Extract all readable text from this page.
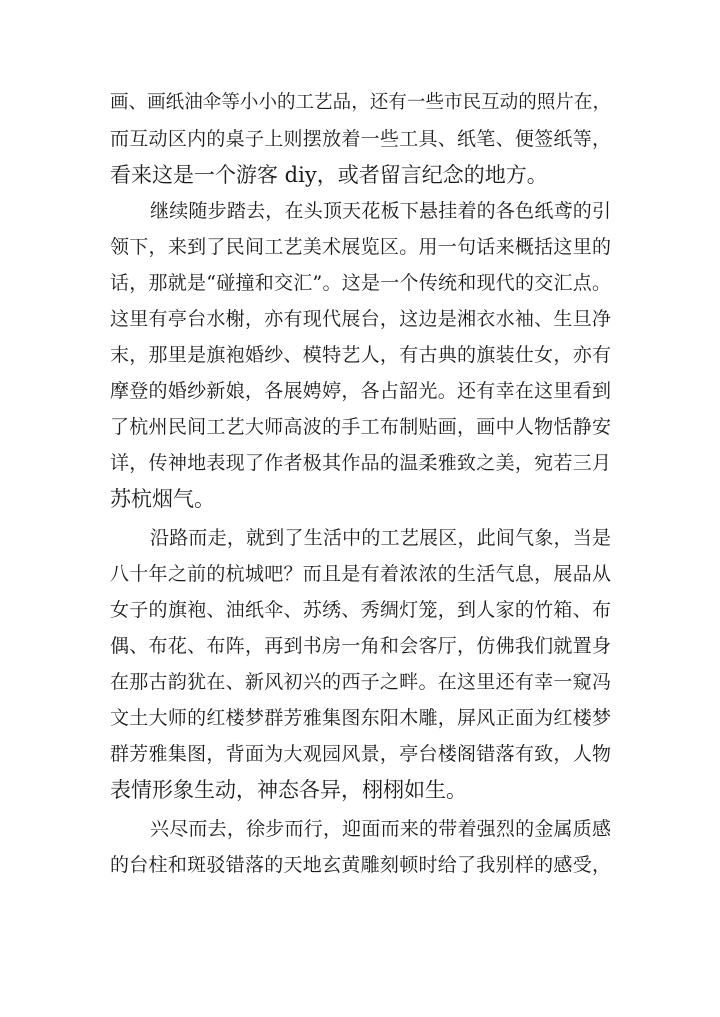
画、画纸油伞等小小的工艺品，还有一些市民互动的照片在，
而互动区内的桌子上则摆放着一些工具、纸笔、便签纸等，
看来这是一个游客 diy，或者留言纪念的地方。
继续随步踏去，在头顶天花板下悬挂着的各色纸鸢的引
领下，来到了民间工艺美术展览区。用一句话来概括这里的
话，那就是“碰撞和交汇”。这是一个传统和现代的交汇点。
这里有亭台水榭，亦有现代展台，这边是湘衣水袖、生旦净
末，那里是旗袍婚纱、模特艺人，有古典的旗装仕女，亦有
摩登的婚纱新娘，各展娉婷，各占韶光。还有幸在这里看到
了杭州民间工艺大师高波的手工布制贴画，画中人物恬静安
详，传神地表现了作者极其作品的温柔雅致之美，宛若三月
苏杭烟气。
沿路而走，就到了生活中的工艺展区，此间气象，当是
八十年之前的杭城吧？而且是有着浓浓的生活气息，展品从
女子的旗袍、油纸伞、苏绣、秀绸灯笼，到人家的竹箱、布
偶、布花、布阵，再到书房一角和会客厅，仿佛我们就置身
在那古韵犹在、新风初兴的西子之畔。在这里还有幸一窥冯
文土大师的红楼梦群芳雅集图东阳木雕，屏风正面为红楼梦
群芳雅集图，背面为大观园风景，亭台楼阁错落有致，人物
表情形象生动，神态各异，栩栩如生。
兴尽而去，徐步而行，迎面而来的带着强烈的金属质感
的台柱和斑驳错落的天地玄黄雕刻顿时给了我别样的感受，
